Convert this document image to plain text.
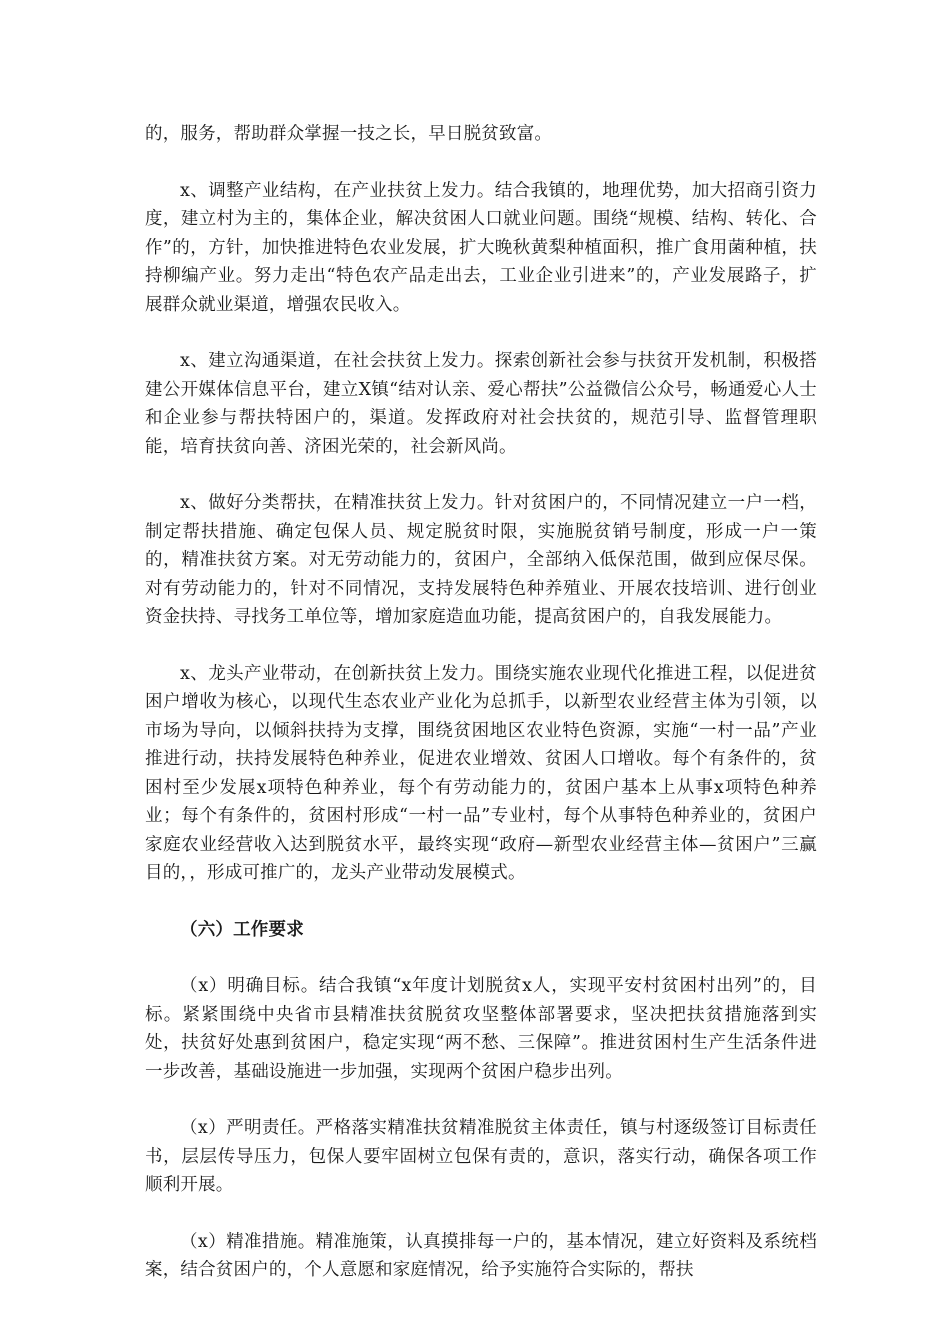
的，服务，帮助群众掌握一技之长，早日脱贫致富。

x、调整产业结构，在产业扶贫上发力。结合我镇的，地理优势，加大招商引资力度，建立村为主的，集体企业，解决贫困人口就业问题。围绕“规模、结构、转化、合作”的，方针，加快推进特色农业发展，扩大晚秋黄梨种植面积，推广食用菌种植，扶持柳编产业。努力走出“特色农产品走出去，工业企业引进来”的，产业发展路子，扩展群众就业渠道，增强农民收入。

x、建立沟通渠道，在社会扶贫上发力。探索创新社会参与扶贫开发机制，积极搭建公开媒体信息平台，建立X镇“结对认亲、爱心帮扶”公益微信公众号，畅通爱心人士和企业参与帮扶特困户的，渠道。发挥政府对社会扶贫的，规范引导、监督管理职能，培育扶贫向善、济困光荣的，社会新风尚。

x、做好分类帮扶，在精准扶贫上发力。针对贫困户的，不同情况建立一户一档，制定帮扶措施、确定包保人员、规定脱贫时限，实施脱贫销号制度，形成一户一策的，精准扶贫方案。对无劳动能力的，贫困户，全部纳入低保范围，做到应保尽保。对有劳动能力的，针对不同情况，支持发展特色种养殖业、开展农技培训、进行创业资金扶持、寻找务工单位等，增加家庭造血功能，提高贫困户的，自我发展能力。

x、龙头产业带动，在创新扶贫上发力。围绕实施农业现代化推进工程，以促进贫困户增收为核心，以现代生态农业产业化为总抓手，以新型农业经营主体为引领，以市场为导向，以倾斜扶持为支撑，围绕贫困地区农业特色资源，实施“一村一品”产业推进行动，扶持发展特色种养业，促进农业增效、贫困人口增收。每个有条件的，贫困村至少发展x项特色种养业，每个有劳动能力的，贫困户基本上从事x项特色种养业；每个有条件的，贫困村形成“一村一品”专业村，每个从事特色种养业的，贫困户家庭农业经营收入达到脱贫水平，最终实现“政府—新型农业经营主体—贫困户”三赢目的，，形成可推广的，龙头产业带动发展模式。

（六）工作要求

（x）明确目标。结合我镇“x年度计划脱贫x人，实现平安村贫困村出列”的，目标。紧紧围绕中央省市县精准扶贫脱贫攻坚整体部署要求，坚决把扶贫措施落到实处，扶贫好处惠到贫困户，稳定实现“两不愁、三保障”。推进贫困村生产生活条件进一步改善，基础设施进一步加强，实现两个贫困户稳步出列。

（x）严明责任。严格落实精准扶贫精准脱贫主体责任，镇与村逐级签订目标责任书，层层传导压力，包保人要牢固树立包保有责的，意识，落实行动，确保各项工作顺利开展。

（x）精准措施。精准施策，认真摸排每一户的，基本情况，建立好资料及系统档案，结合贫困户的，个人意愿和家庭情况，给予实施符合实际的，帮扶
